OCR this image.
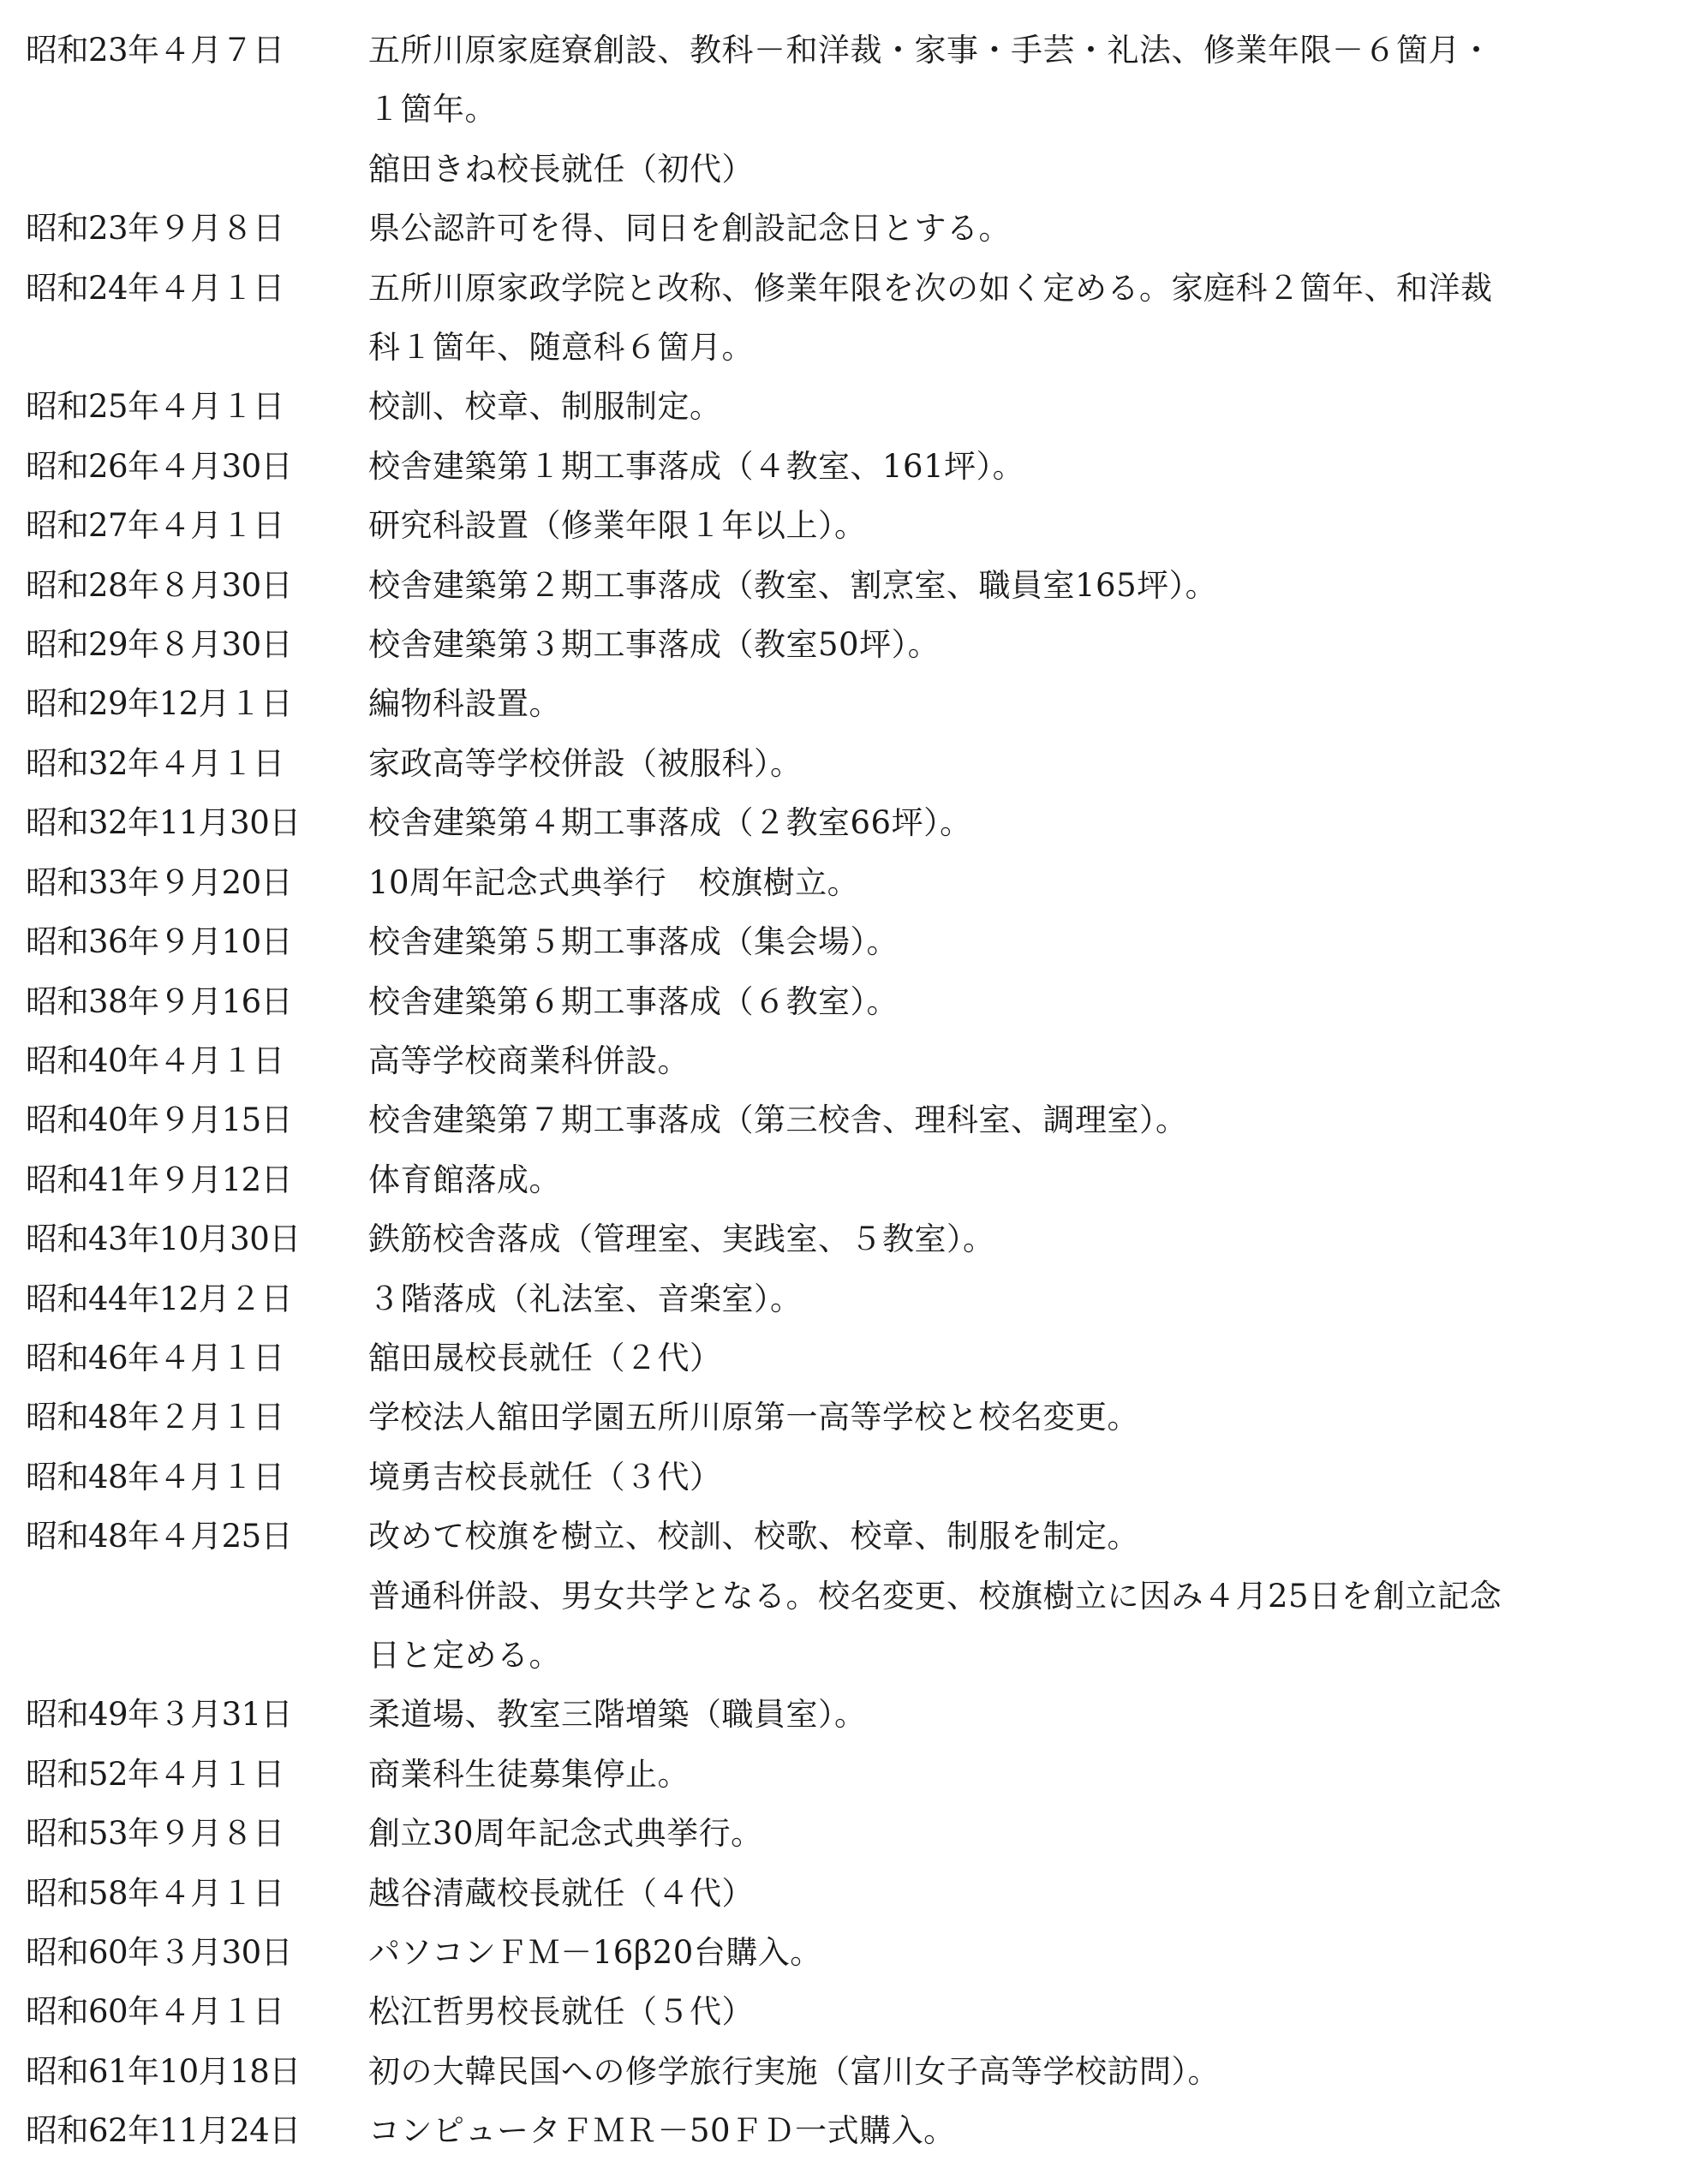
昭和23年４月７日	五所川原家庭寮創設、教科－和洋裁・家事・手芸・礼法、修業年限－６箇月・
１箇年。
舘田きね校長就任（初代）
昭和23年９月８日	県公認許可を得、同日を創設記念日とする。
昭和24年４月１日	五所川原家政学院と改称、修業年限を次の如く定める。家庭科２箇年、和洋裁
科１箇年、随意科６箇月。
昭和25年４月１日	校訓、校章、制服制定。
昭和26年４月30日	校舎建築第１期工事落成（４教室、161坪）。
昭和27年４月１日	研究科設置（修業年限１年以上）。
昭和28年８月30日	校舎建築第２期工事落成（教室、割烹室、職員室165坪）。
昭和29年８月30日	校舎建築第３期工事落成（教室50坪）。
昭和29年12月１日	編物科設置。
昭和32年４月１日	家政高等学校併設（被服科）。
昭和32年11月30日	校舎建築第４期工事落成（２教室66坪）。
昭和33年９月20日	10周年記念式典挙行　校旗樹立。
昭和36年９月10日	校舎建築第５期工事落成（集会場）。
昭和38年９月16日	校舎建築第６期工事落成（６教室）。
昭和40年４月１日	高等学校商業科併設。
昭和40年９月15日	校舎建築第７期工事落成（第三校舎、理科室、調理室）。
昭和41年９月12日	体育館落成。
昭和43年10月30日	鉄筋校舎落成（管理室、実践室、５教室）。
昭和44年12月２日	３階落成（礼法室、音楽室）。
昭和46年４月１日	舘田晟校長就任（２代）
昭和48年２月１日	学校法人舘田学園五所川原第一高等学校と校名変更。
昭和48年４月１日	境勇吉校長就任（３代）
昭和48年４月25日	改めて校旗を樹立、校訓、校歌、校章、制服を制定。
普通科併設、男女共学となる。校名変更、校旗樹立に因み４月25日を創立記念
日と定める。
昭和49年３月31日	柔道場、教室三階増築（職員室）。
昭和52年４月１日	商業科生徒募集停止。
昭和53年９月８日	創立30周年記念式典挙行。
昭和58年４月１日	越谷清蔵校長就任（４代）
昭和60年３月30日	パソコンＦＭ－16β20台購入。
昭和60年４月１日	松江哲男校長就任（５代）
昭和61年10月18日	初の大韓民国への修学旅行実施（富川女子高等学校訪問）。
昭和62年11月24日	コンピュータＦＭＲ－50ＦＤ一式購入。
